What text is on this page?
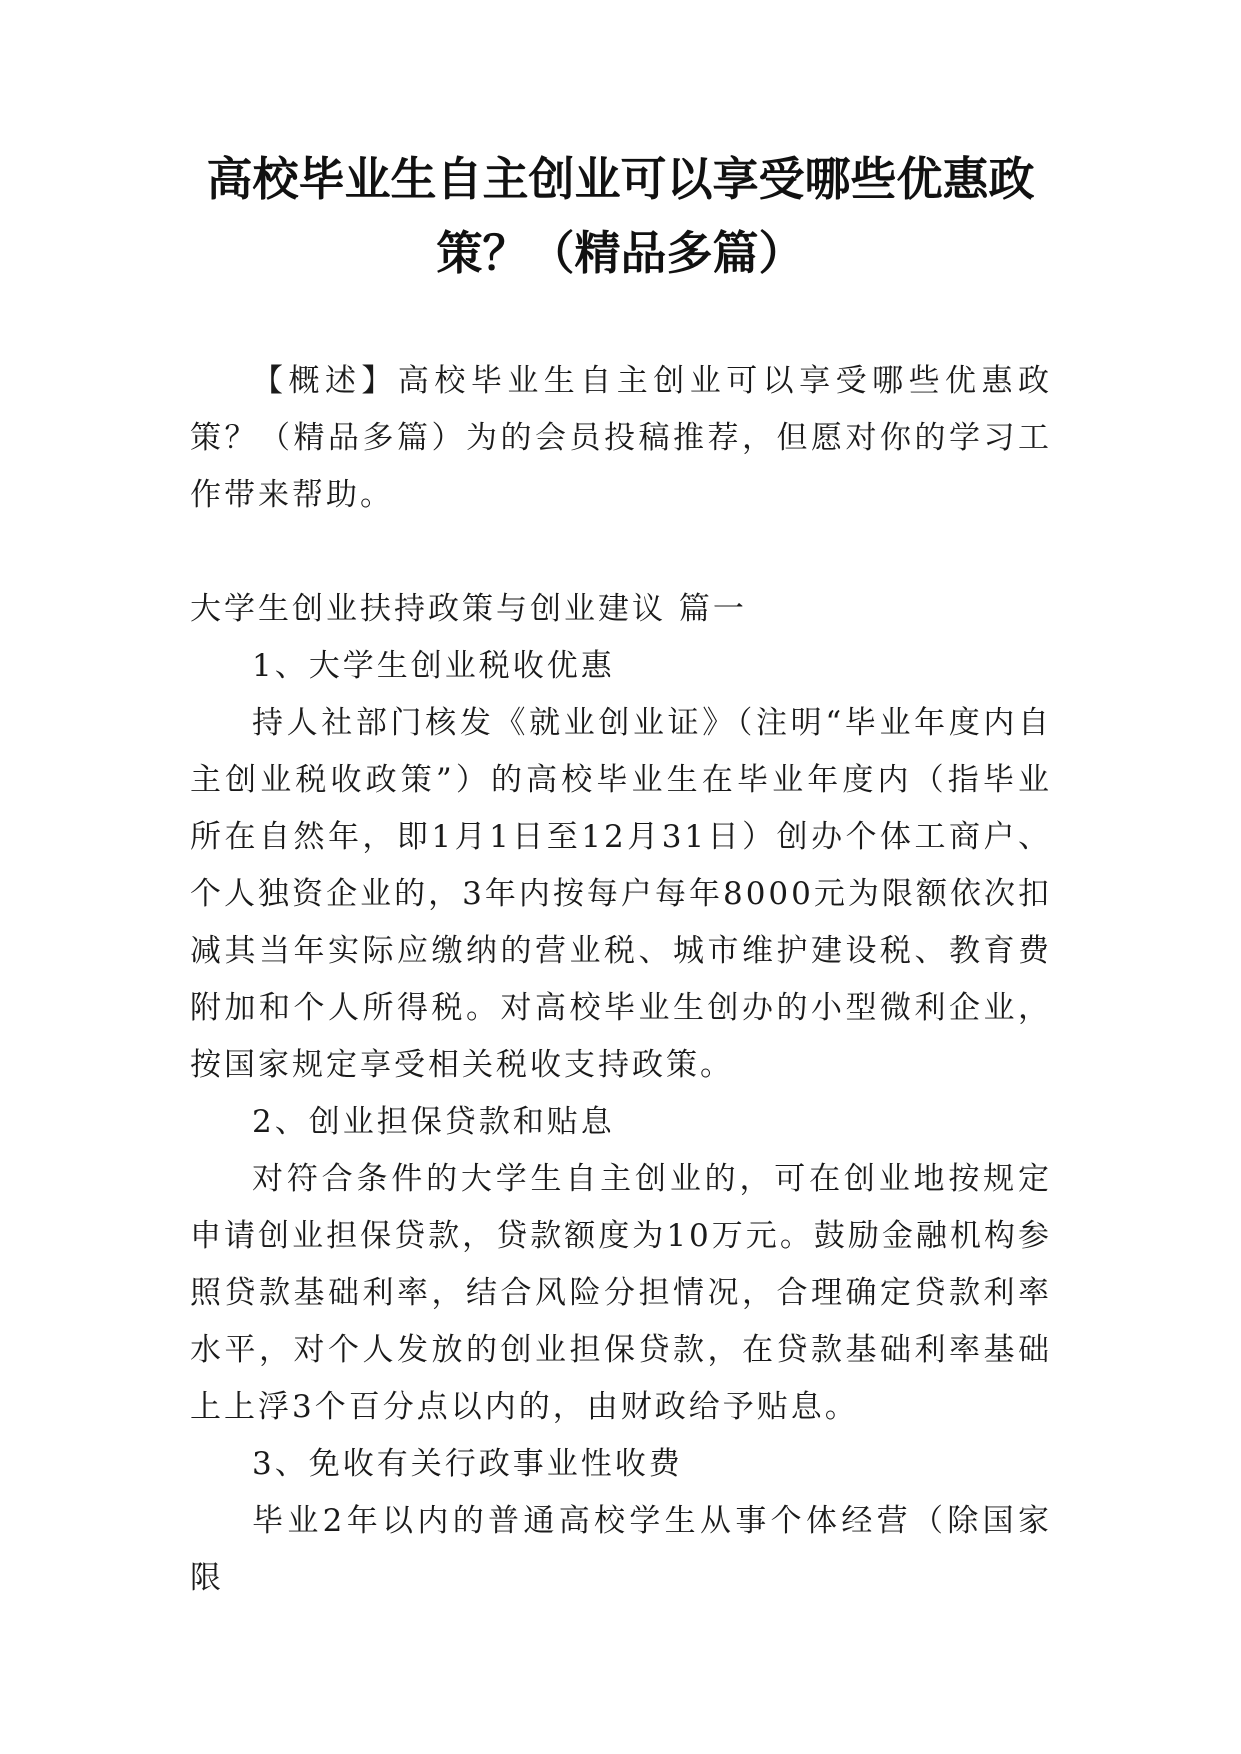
高校毕业生自主创业可以享受哪些优惠政
策？（精品多篇）

【概述】高校毕业生自主创业可以享受哪些优惠政策？（精品多篇）为的会员投稿推荐，但愿对你的学习工作带来帮助。

大学生创业扶持政策与创业建议 篇一

1、大学生创业税收优惠

持人社部门核发《就业创业证》（注明“毕业年度内自主创业税收政策”）的高校毕业生在毕业年度内（指毕业所在自然年，即1月1日至12月31日）创办个体工商户、个人独资企业的，3年内按每户每年8000元为限额依次扣减其当年实际应缴纳的营业税、城市维护建设税、教育费附加和个人所得税。对高校毕业生创办的小型微利企业，按国家规定享受相关税收支持政策。

2、创业担保贷款和贴息

对符合条件的大学生自主创业的，可在创业地按规定申请创业担保贷款，贷款额度为10万元。鼓励金融机构参照贷款基础利率，结合风险分担情况，合理确定贷款利率水平，对个人发放的创业担保贷款，在贷款基础利率基础上上浮3个百分点以内的，由财政给予贴息。

3、免收有关行政事业性收费

毕业2年以内的普通高校学生从事个体经营（除国家限
